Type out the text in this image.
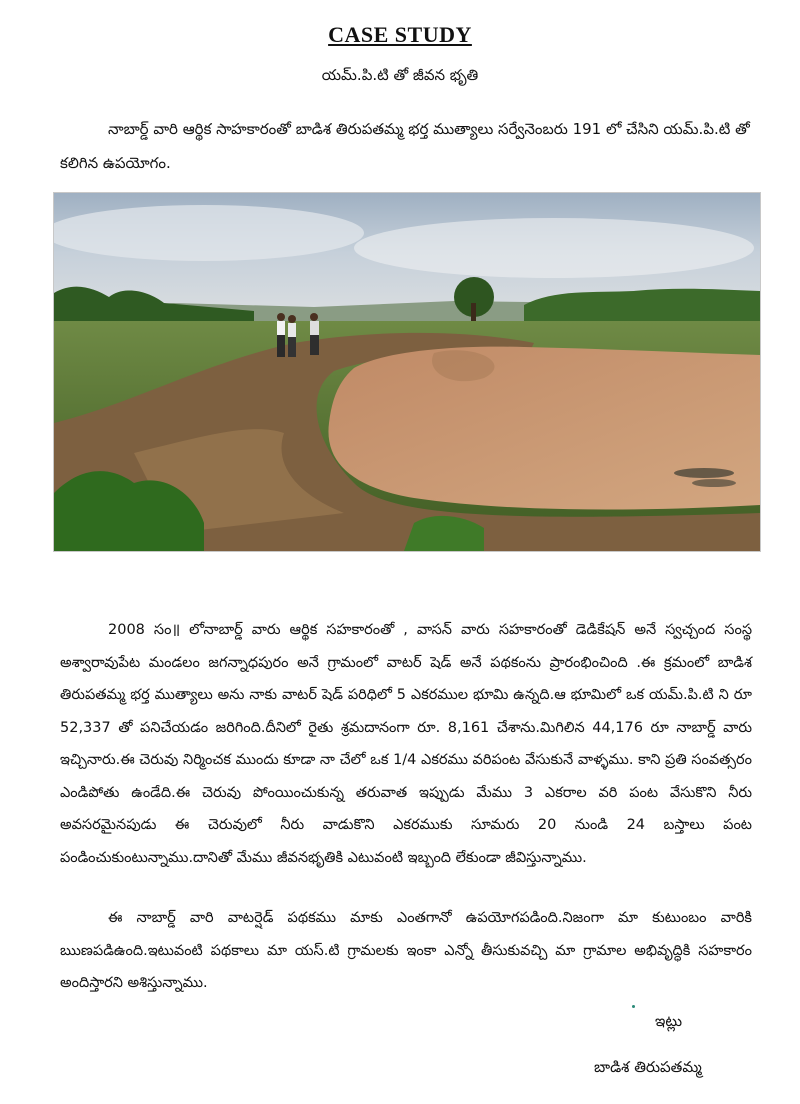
CASE STUDY
యమ్.పి.టి తో జీవన భృతి
నాబార్డ్ వారి ఆర్థిక సాహకారంతో బాడిశ తిరుపతమ్మ భర్త ముత్యాలు సర్వేనెంబరు 191 లో చేసిని యమ్.పి.టి తో కలిగిన ఉపయోగం.
2008 సం॥ లోనాబార్డ్ వారు ఆర్థిక సహకారంతో , వాసన్ వారు సహకారంతో డెడికేషన్ అనే స్వచ్చంద సంస్థ అశ్వారావుపేట మండలం జగన్నాధపురం అనే గ్రామంలో వాటర్ షెడ్ అనే పథకంను ప్రారంభించింది .ఈ క్రమంలో బాడిశ తిరుపతమ్మ భర్త ముత్యాలు అను నాకు వాటర్ షెడ్ పరిధిలో 5 ఎకరముల భూమి ఉన్నది.ఆ భూమిలో ఒక యమ్.పి.టి ని రూ 52,337 తో పనిచేయడం జరిగింది.దీనిలో రైతు శ్రమదానంగా రూ. 8,161 చేశాను.మిగిలిన 44,176 రూ నాబార్డ్ వారు ఇచ్చినారు.ఈ చెరువు నిర్మించక ముందు కూడా నా చేలో ఒక 1/4 ఎకరము వరిపంట వేసుకునే వాళ్ళము. కాని ప్రతి సంవత్సరం ఎండిపోతు ఉండేది.ఈ చెరువు పోంయించుకున్న తరువాత ఇప్పుడు మేము 3 ఎకరాల వరి పంట వేసుకొని నీరు అవసరమైనపుడు ఈ చెరువులో నీరు వాడుకొని ఎకరముకు సూమరు 20 నుండి 24 బస్తాలు పంట పండించుకుంటున్నాము.దానితో మేము జీవనభృతికి ఎటువంటి ఇబ్బంది లేకుండా జీవిస్తున్నాము.
ఈ నాబార్డ్ వారి వాటర్షెడ్ పథకము మాకు ఎంతగానో ఉపయోగపడింది.నిజంగా మా కుటుంబం వారికి ఋణపడిఉంది.ఇటువంటి పథకాలు మా యస్.టి గ్రామలకు ఇంకా ఎన్నో తీసుకువచ్చి మా గ్రామాల అభివృద్ధికి సహకారం అందిస్తారని అశిస్తున్నాము.
ఇట్లు
బాడిశ తిరుపతమ్మ
